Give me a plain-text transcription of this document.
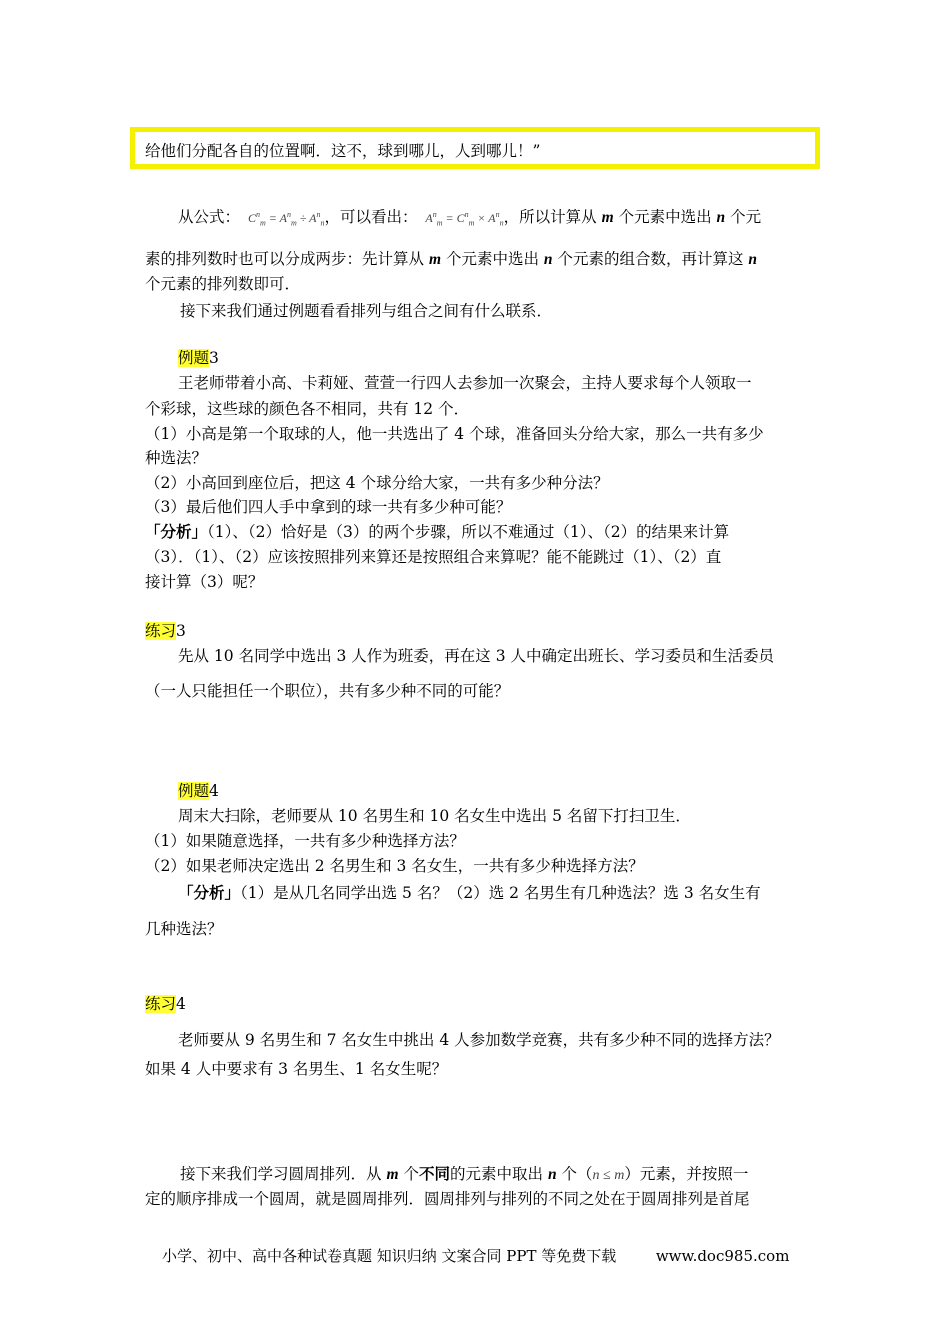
给他们分配各自的位置啊．这不，球到哪儿，人到哪儿！”
从公式：  $C^n_m = A^n_m \div A^n_n$，可以看出：  $A^n_m = C^n_m \times A^n_n$，所以计算从 m 个元素中选出 n 个元
素的排列数时也可以分成两步：先计算从 m 个元素中选出 n 个元素的组合数，再计算这 n
个元素的排列数即可．
接下来我们通过例题看看排列与组合之间有什么联系．
例题3
王老师带着小高、卡莉娅、萱萱一行四人去参加一次聚会，主持人要求每个人领取一
个彩球，这些球的颜色各不相同，共有 12 个．
（1）小高是第一个取球的人，他一共选出了 4 个球，准备回头分给大家，那么一共有多少
种选法？
（2）小高回到座位后，把这 4 个球分给大家，一共有多少种分法？
（3）最后他们四人手中拿到的球一共有多少种可能？
「分析」（1）、（2）恰好是（3）的两个步骤，所以不难通过（1）、（2）的结果来计算
（3）．（1）、（2）应该按照排列来算还是按照组合来算呢？能不能跳过（1）、（2）直
接计算（3）呢？
练习3
先从 10 名同学中选出 3 人作为班委，再在这 3 人中确定出班长、学习委员和生活委员
（一人只能担任一个职位），共有多少种不同的可能？
例题4
周末大扫除，老师要从 10 名男生和 10 名女生中选出 5 名留下打扫卫生．
（1）如果随意选择，一共有多少种选择方法？
（2）如果老师决定选出 2 名男生和 3 名女生，一共有多少种选择方法？
「分析」（1）是从几名同学出选 5 名？（2）选 2 名男生有几种选法？选 3 名女生有
几种选法？
练习4
老师要从 9 名男生和 7 名女生中挑出 4 人参加数学竞赛，共有多少种不同的选择方法？
如果 4 人中要求有 3 名男生、1 名女生呢？
接下来我们学习圆周排列．从 m 个不同的元素中取出 n 个（n ≤ m）元素，并按照一
定的顺序排成一个圆周，就是圆周排列．圆周排列与排列的不同之处在于圆周排列是首尾
小学、初中、高中各种试卷真题 知识归纳 文案合同 PPT 等免费下载	www.doc985.com
